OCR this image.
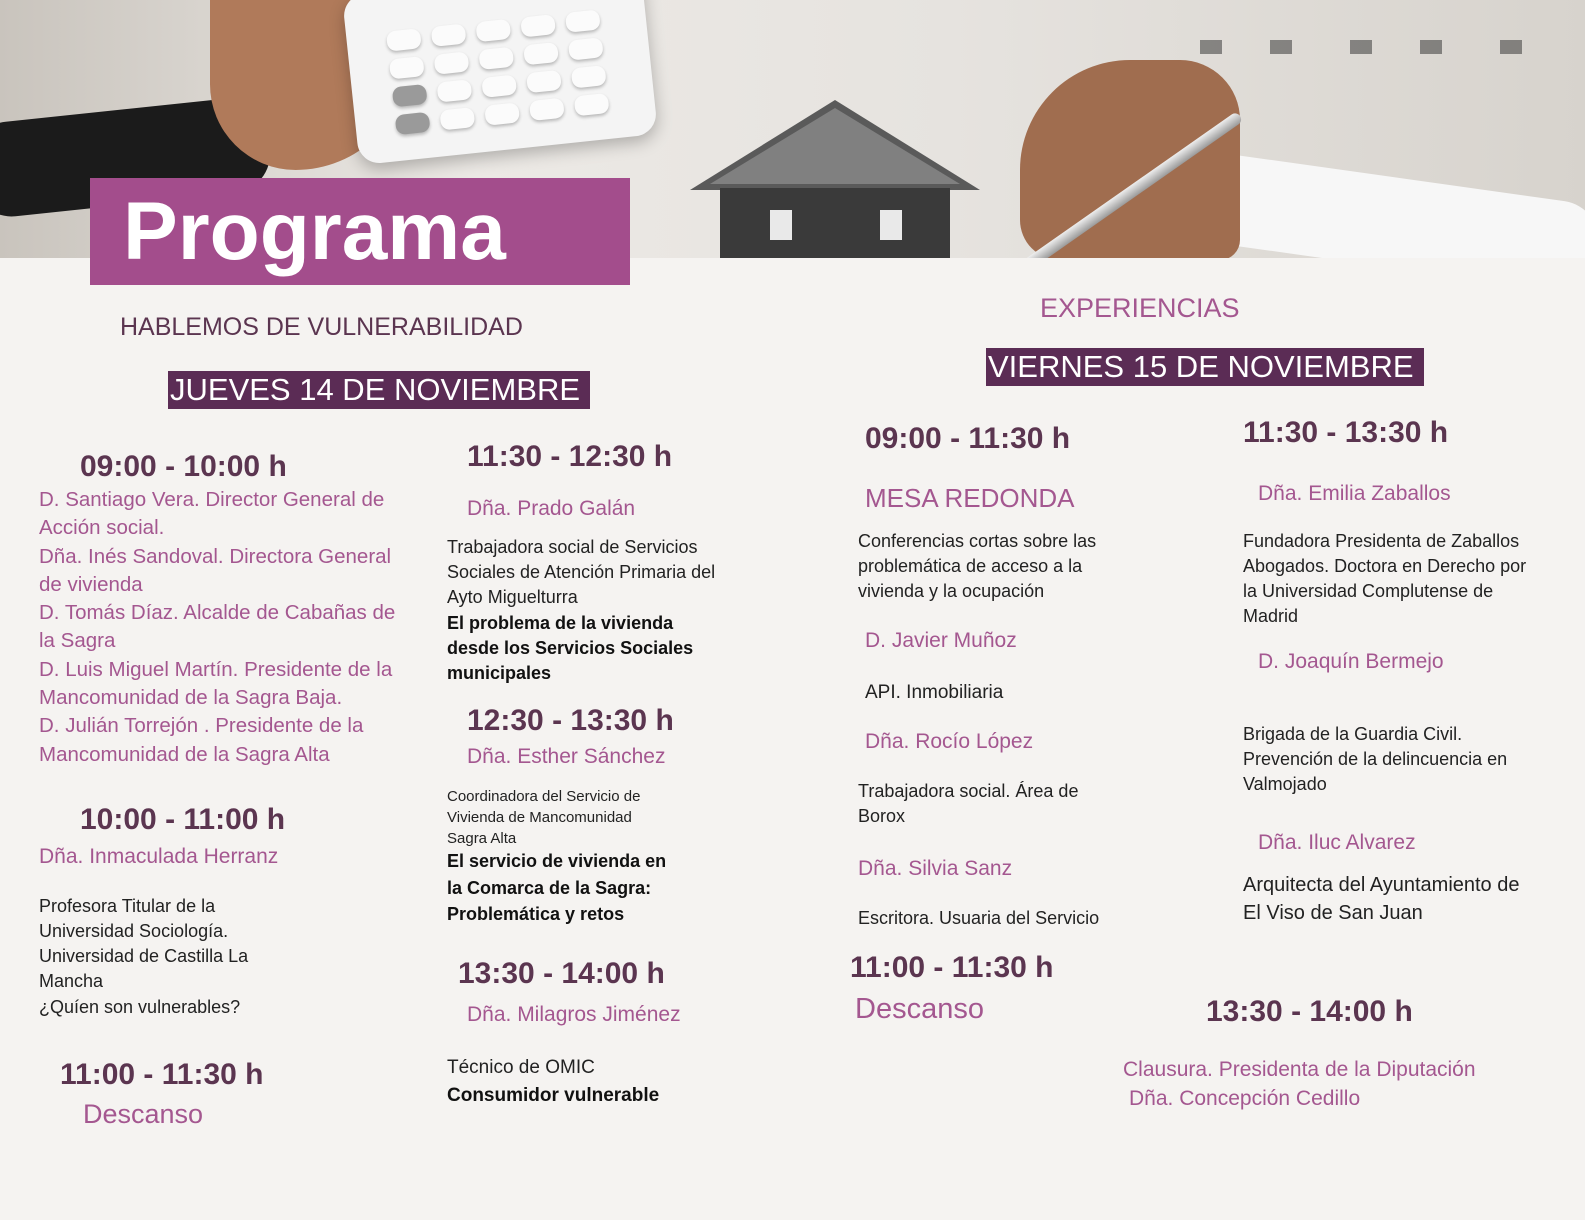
Programa
HABLEMOS DE VULNERABILIDAD
JUEVES 14 DE NOVIEMBRE
09:00 - 10:00 h
D. Santiago Vera. Director General de Acción social.
Dña. Inés Sandoval. Directora General de vivienda
D. Tomás Díaz. Alcalde de Cabañas de la Sagra
D. Luis Miguel Martín. Presidente de la Mancomunidad de la Sagra Baja.
D. Julián Torrejón . Presidente de la Mancomunidad de la Sagra Alta
10:00 - 11:00 h
Dña. Inmaculada Herranz
Profesora Titular de la Universidad Sociología. Universidad de Castilla La Mancha
¿Quíen son vulnerables?
11:00 - 11:30 h
Descanso
11:30 - 12:30 h
Dña. Prado Galán
Trabajadora social de Servicios Sociales de Atención Primaria del Ayto Miguelturra
El problema de la vivienda desde los Servicios Sociales municipales
12:30 - 13:30 h
Dña. Esther Sánchez
Coordinadora del Servicio de Vivienda de Mancomunidad Sagra Alta
El servicio de vivienda en la Comarca de la Sagra: Problemática y retos
13:30 - 14:00 h
Dña. Milagros Jiménez
Técnico de OMIC
Consumidor vulnerable
EXPERIENCIAS
VIERNES 15 DE NOVIEMBRE
09:00 - 11:30 h
MESA REDONDA
Conferencias cortas sobre las problemática de acceso a la vivienda y la ocupación
D. Javier Muñoz
API. Inmobiliaria
Dña. Rocío López
Trabajadora social. Área de Borox
Dña. Silvia Sanz
Escritora. Usuaria del Servicio
11:00 - 11:30 h
Descanso
11:30 - 13:30 h
Dña. Emilia Zaballos
Fundadora Presidenta de Zaballos Abogados. Doctora en Derecho por la Universidad Complutense de Madrid
D. Joaquín Bermejo
Brigada de la Guardia Civil. Prevención de la delincuencia en Valmojado
Dña. Iluc Alvarez
Arquitecta del Ayuntamiento de El Viso de San Juan
13:30 - 14:00 h
Clausura. Presidenta de la Diputación
Dña. Concepción Cedillo
